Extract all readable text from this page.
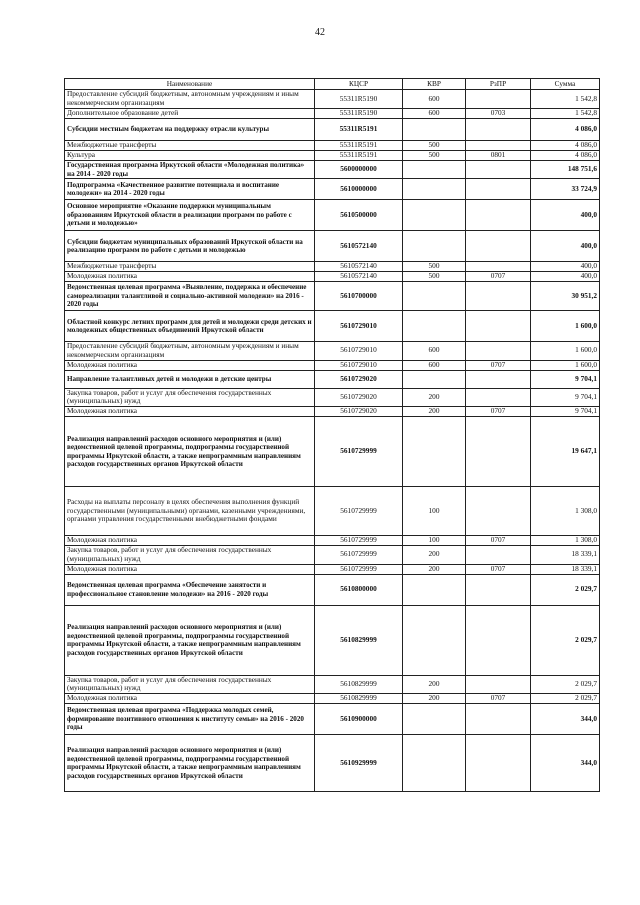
42
Наименование	КЦСР	КВР	РзПР	Сумма
Предоставление субсидий бюджетным, автономным учреждениям и иным некоммерческим организациям	55311R5190	600		1 542,8
Дополнительное образование детей	55311R5190	600	0703	1 542,8
Субсидии местным бюджетам на поддержку отрасли культуры	55311R5191			4 086,0
Межбюджетные трансферты	55311R5191	500		4 086,0
Культура	55311R5191	500	0801	4 086,0
Государственная программа Иркутской области «Молодежная политика» на 2014 - 2020 годы	5600000000			148 751,6
Подпрограмма «Качественное развитие потенциала и воспитание молодежи» на 2014 - 2020 годы	5610000000			33 724,9
Основное мероприятие «Оказание поддержки муниципальным образованиям Иркутской области в реализации программ по работе с детьми и молодежью»	5610500000			400,0
Субсидии бюджетам муниципальных образований Иркутской области на реализацию программ по работе с детьми и молодежью	5610572140			400,0
Межбюджетные трансферты	5610572140	500		400,0
Молодежная политика	5610572140	500	0707	400,0
Ведомственная целевая программа «Выявление, поддержка и обеспечение самореализации талантливой и социально-активной молодежи» на 2016 - 2020 годы	5610700000			30 951,2
Областной конкурс летних программ для детей и молодежи среди детских и молодежных общественных объединений Иркутской области	5610729010			1 600,0
Предоставление субсидий бюджетным, автономным учреждениям и иным некоммерческим организациям	5610729010	600		1 600,0
Молодежная политика	5610729010	600	0707	1 600,0
Направление талантливых детей и молодежи в детские центры	5610729020			9 704,1
Закупка товаров, работ и услуг для обеспечения государственных (муниципальных) нужд	5610729020	200		9 704,1
Молодежная политика	5610729020	200	0707	9 704,1
Реализация направлений расходов основного мероприятия и (или) ведомственной целевой программы, подпрограммы государственной программы Иркутской области, а также непрограммным направлениям расходов государственных органов Иркутской области	5610729999			19 647,1
Расходы на выплаты персоналу в целях обеспечения выполнения функций государственными (муниципальными) органами, казенными учреждениями, органами управления государственными внебюджетными фондами	5610729999	100		1 308,0
Молодежная политика	5610729999	100	0707	1 308,0
Закупка товаров, работ и услуг для обеспечения государственных (муниципальных) нужд	5610729999	200		18 339,1
Молодежная политика	5610729999	200	0707	18 339,1
Ведомственная целевая программа «Обеспечение занятости и профессиональное становление молодежи» на 2016 - 2020 годы	5610800000			2 029,7
Реализация направлений расходов основного мероприятия и (или) ведомственной целевой программы, подпрограммы государственной программы Иркутской области, а также непрограммным направлениям расходов государственных органов Иркутской области	5610829999			2 029,7
Закупка товаров, работ и услуг для обеспечения государственных (муниципальных) нужд	5610829999	200		2 029,7
Молодежная политика	5610829999	200	0707	2 029,7
Ведомственная целевая программа «Поддержка молодых семей, формирование позитивного отношения к институту семьи» на 2016 - 2020 годы	5610900000			344,0
Реализация направлений расходов основного мероприятия и (или) ведомственной целевой программы, подпрограммы государственной программы Иркутской области, а также непрограммным направлениям расходов государственных органов Иркутской области	5610929999			344,0
